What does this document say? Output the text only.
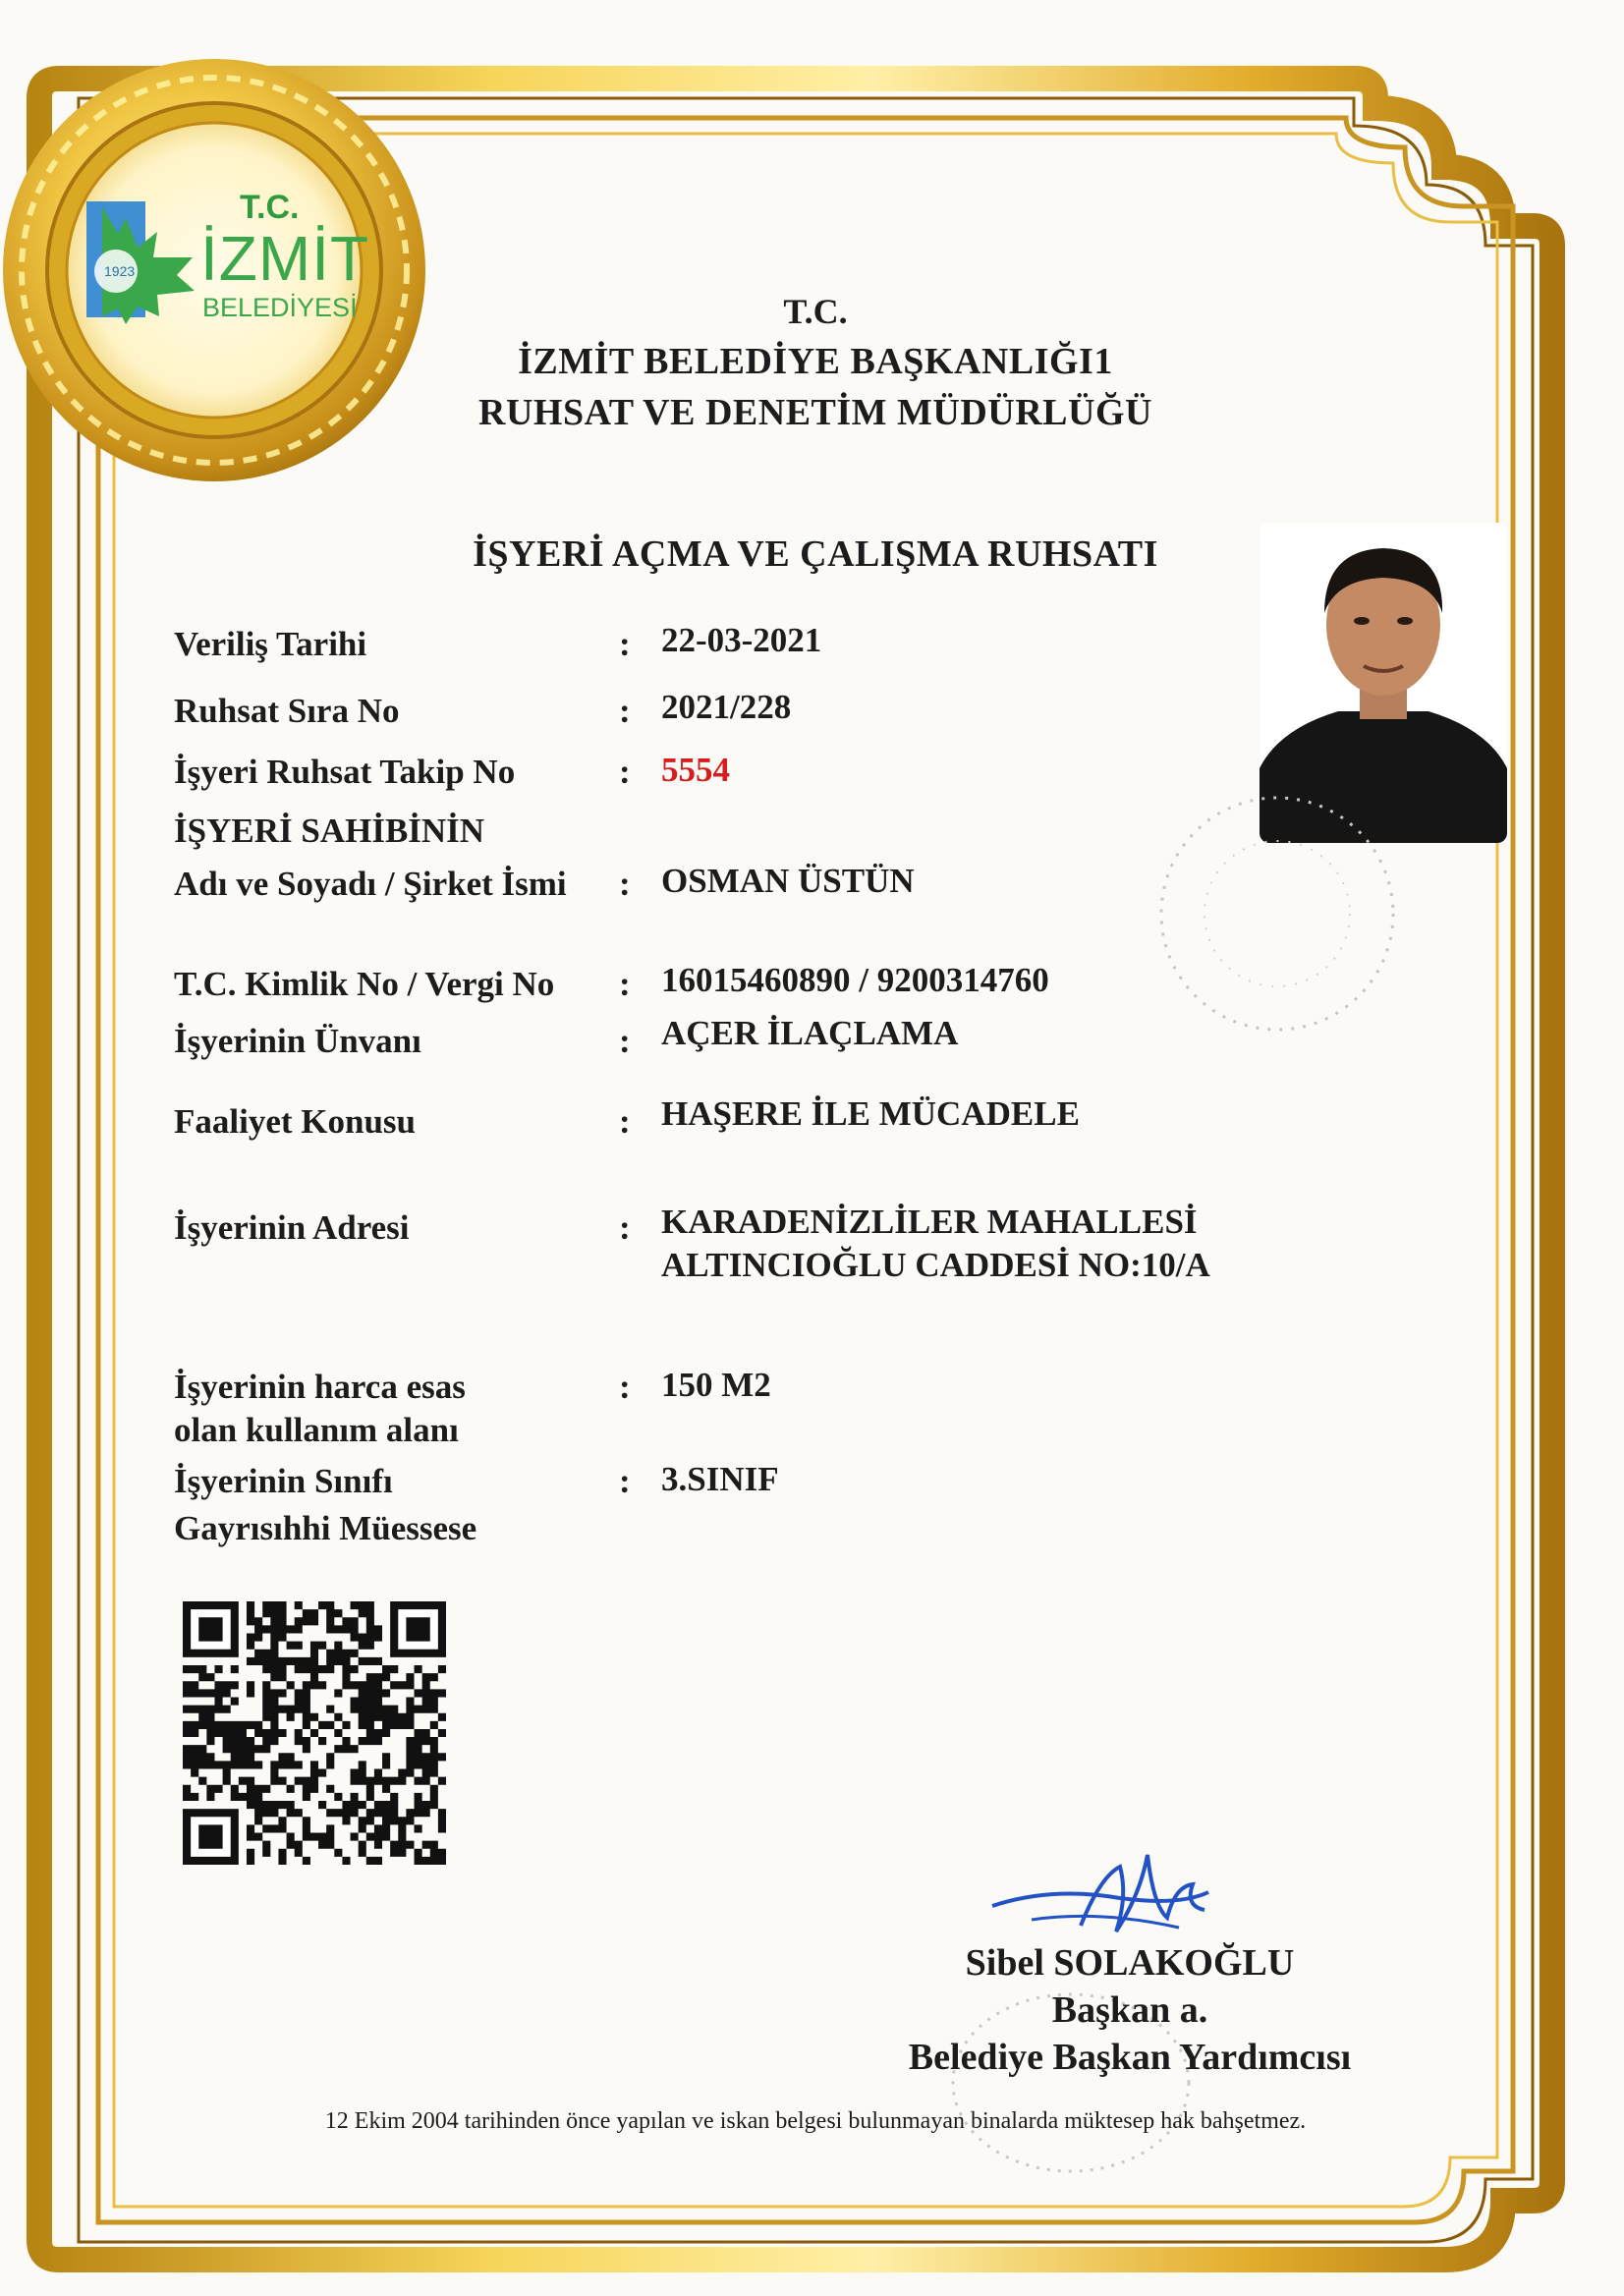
T.C.
İZMİT
BELEDİYESİ
1923
T.C.
İZMİT BELEDİYE BAŞKANLIĞI1
RUHSAT VE DENETİM MÜDÜRLÜĞÜ
İŞYERİ AÇMA VE ÇALIŞMA RUHSATI
Veriliş Tarihi	: 22-03-2021
Ruhsat Sıra No	: 2021/228
İşyeri Ruhsat Takip No	: 5554
İŞYERİ SAHİBİNİN
Adı ve Soyadı / Şirket İsmi : OSMAN ÜSTÜN
T.C. Kimlik No / Vergi No : 16015460890 / 9200314760
İşyerinin Ünvanı	: AÇER İLAÇLAMA
Faaliyet Konusu	: HAŞERE İLE MÜCADELE
İşyerinin Adresi	: KARADENİZLİLER MAHALLESİ
ALTINCIOĞLU CADDESİ NO:10/A
İşyerinin harca esas
olan kullanım alanı
: 150 M2
İşyerinin Sınıfı
Gayrısıhhi Müessese
: 3.SINIF
Sibel SOLAKOĞLU
Başkan a.
Belediye Başkan Yardımcısı
12 Ekim 2004 tarihinden önce yapılan ve iskan belgesi bulunmayan binalarda müktesep hak bahşetmez.
